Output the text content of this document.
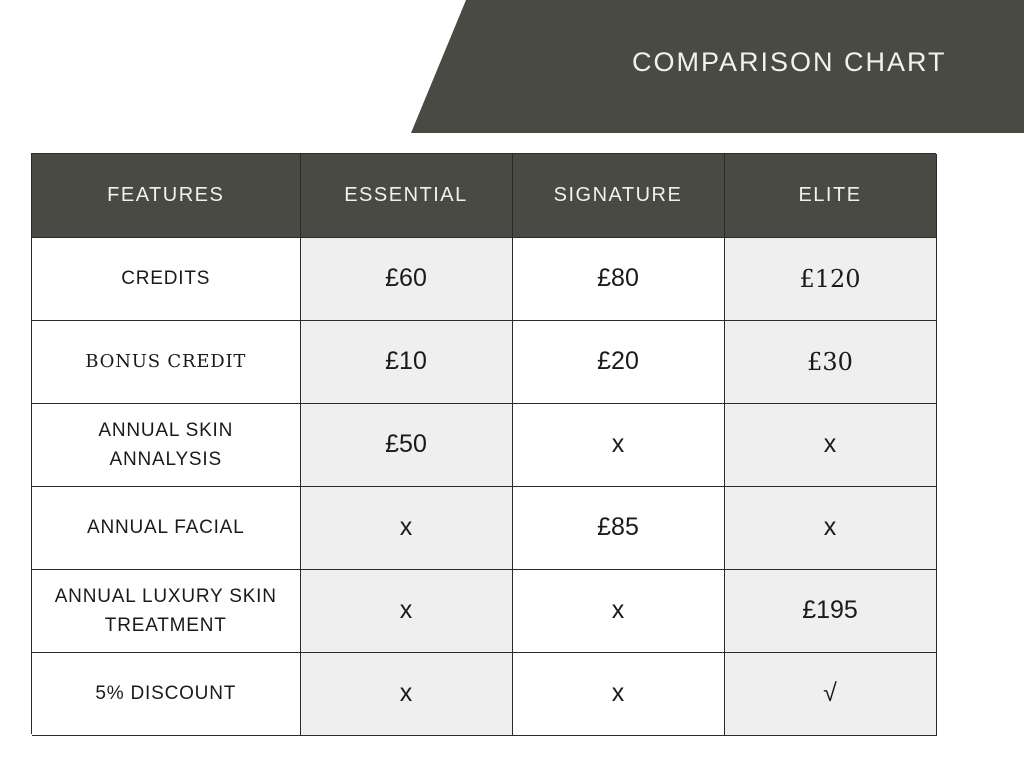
COMPARISON CHART
FEATURES	ESSENTIAL	SIGNATURE	ELITE
CREDITS	£60	£80	£120
BONUS CREDIT	£10	£20	£30
ANNUAL SKIN ANNALYSIS	£50	x	x
ANNUAL FACIAL	x	£85	x
ANNUAL LUXURY SKIN TREATMENT	x	x	£195
5% DISCOUNT	x	x	√
